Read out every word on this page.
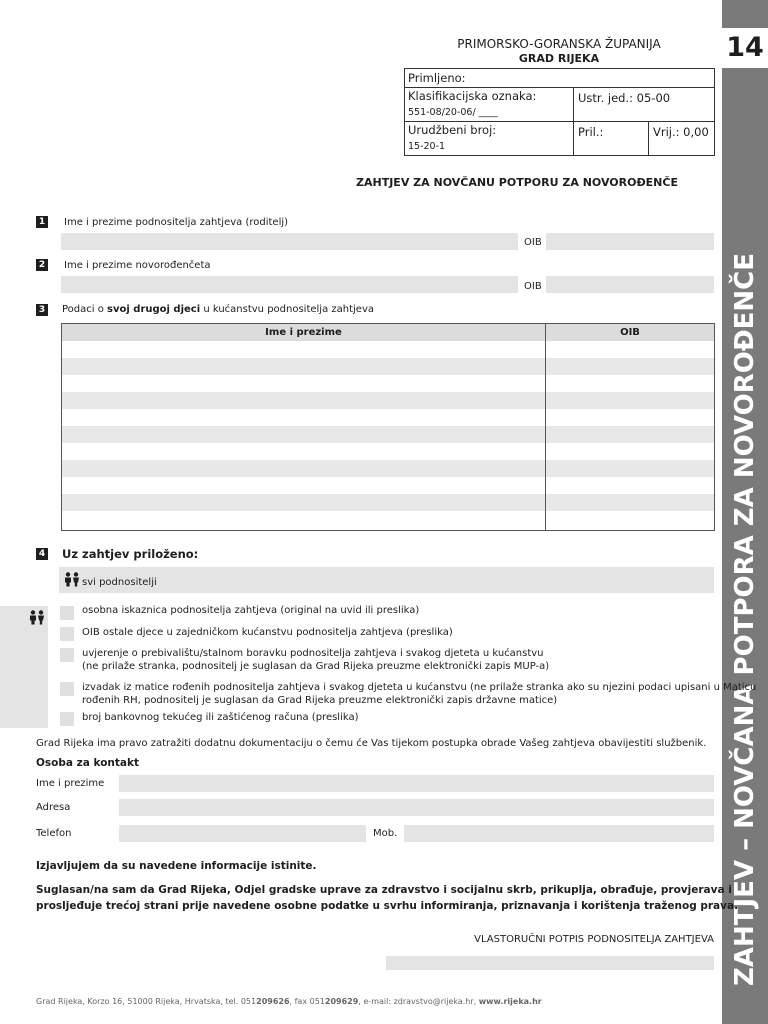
14
ZAHTJEV – NOVČANA POTPORA ZA NOVOROĐENČE
PRIMORSKO-GORANSKA ŽUPANIJA
GRAD RIJEKA
Primljeno:
Klasifikacijska oznaka:
551-08/20-06/ ____
Ustr. jed.: 05-00
Urudžbeni broj:
15-20-1
Pril.:	Vrij.: 0,00
ZAHTJEV ZA NOVČANU POTPORU ZA NOVOROĐENČE
1 Ime i prezime podnositelja zahtjeva (roditelj)
OIB
2 Ime i prezime novorođenčeta
OIB
3 Podaci o svoj drugoj djeci u kućanstvu podnositelja zahtjeva
Ime i prezime	OIB
4 Uz zahtjev priloženo:
svi podnositelji
osobna iskaznica podnositelja zahtjeva (original na uvid ili preslika)
OIB ostale djece u zajedničkom kućanstvu podnositelja zahtjeva (preslika)
uvjerenje o prebivalištu/stalnom boravku podnositelja zahtjeva i svakog djeteta u kućanstvu
(ne prilaže stranka, podnositelj je suglasan da Grad Rijeka preuzme elektronički zapis MUP-a)
izvadak iz matice rođenih podnositelja zahtjeva i svakog djeteta u kućanstvu (ne prilaže stranka ako su njezini podaci upisani u Maticu
rođenih RH, podnositelj je suglasan da Grad Rijeka preuzme elektronički zapis državne matice)
broj bankovnog tekućeg ili zaštićenog računa (preslika)
Grad Rijeka ima pravo zatražiti dodatnu dokumentaciju o čemu će Vas tijekom postupka obrade Vašeg zahtjeva obavijestiti službenik.
Osoba za kontakt
Ime i prezime
Adresa
Telefon	Mob.
Izjavljujem da su navedene informacije istinite.
Suglasan/na sam da Grad Rijeka, Odjel gradske uprave za zdravstvo i socijalnu skrb, prikuplja, obrađuje, provjerava i
prosljeđuje trećoj strani prije navedene osobne podatke u svrhu informiranja, priznavanja i korištenja traženog prava.
VLASTORUČNI POTPIS PODNOSITELJA ZAHTJEVA
Grad Rijeka, Korzo 16, 51000 Rijeka, Hrvatska, tel. 051209626, fax 051209629, e-mail: zdravstvo@rijeka.hr, www.rijeka.hr
